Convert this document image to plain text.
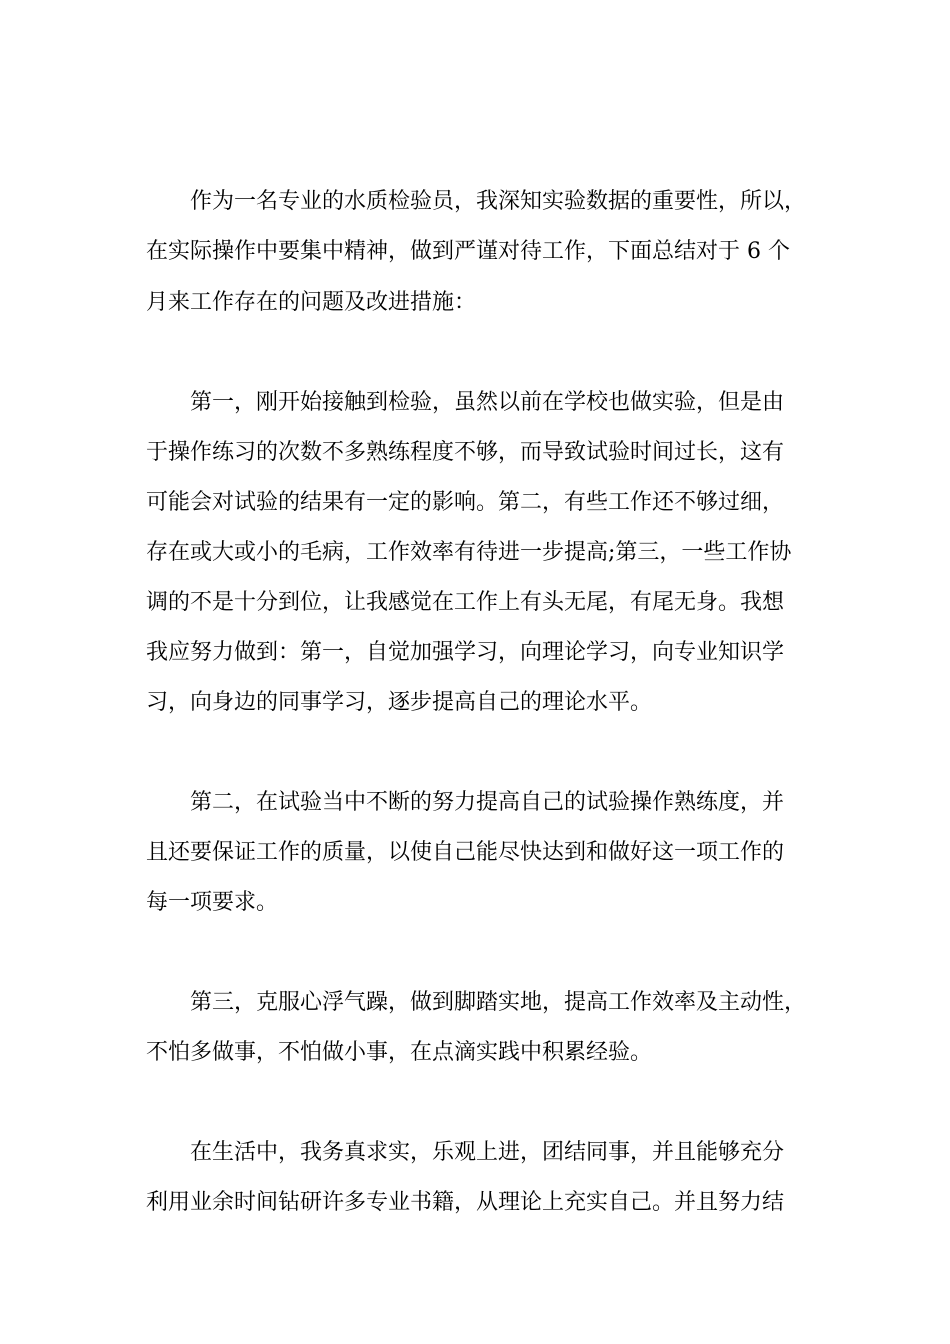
作为一名专业的水质检验员，我深知实验数据的重要性，所以，
在实际操作中要集中精神，做到严谨对待工作，下面总结对于 6 个
月来工作存在的问题及改进措施：
第一，刚开始接触到检验，虽然以前在学校也做实验，但是由
于操作练习的次数不多熟练程度不够，而导致试验时间过长，这有
可能会对试验的结果有一定的影响。第二，有些工作还不够过细，
存在或大或小的毛病，工作效率有待进一步提高;第三，一些工作协
调的不是十分到位，让我感觉在工作上有头无尾，有尾无身。我想
我应努力做到：第一，自觉加强学习，向理论学习，向专业知识学
习，向身边的同事学习，逐步提高自己的理论水平。
第二，在试验当中不断的努力提高自己的试验操作熟练度，并
且还要保证工作的质量，以使自己能尽快达到和做好这一项工作的
每一项要求。
第三，克服心浮气躁，做到脚踏实地，提高工作效率及主动性，
不怕多做事，不怕做小事，在点滴实践中积累经验。
在生活中，我务真求实，乐观上进，团结同事，并且能够充分
利用业余时间钻研许多专业书籍，从理论上充实自己。并且努力结
